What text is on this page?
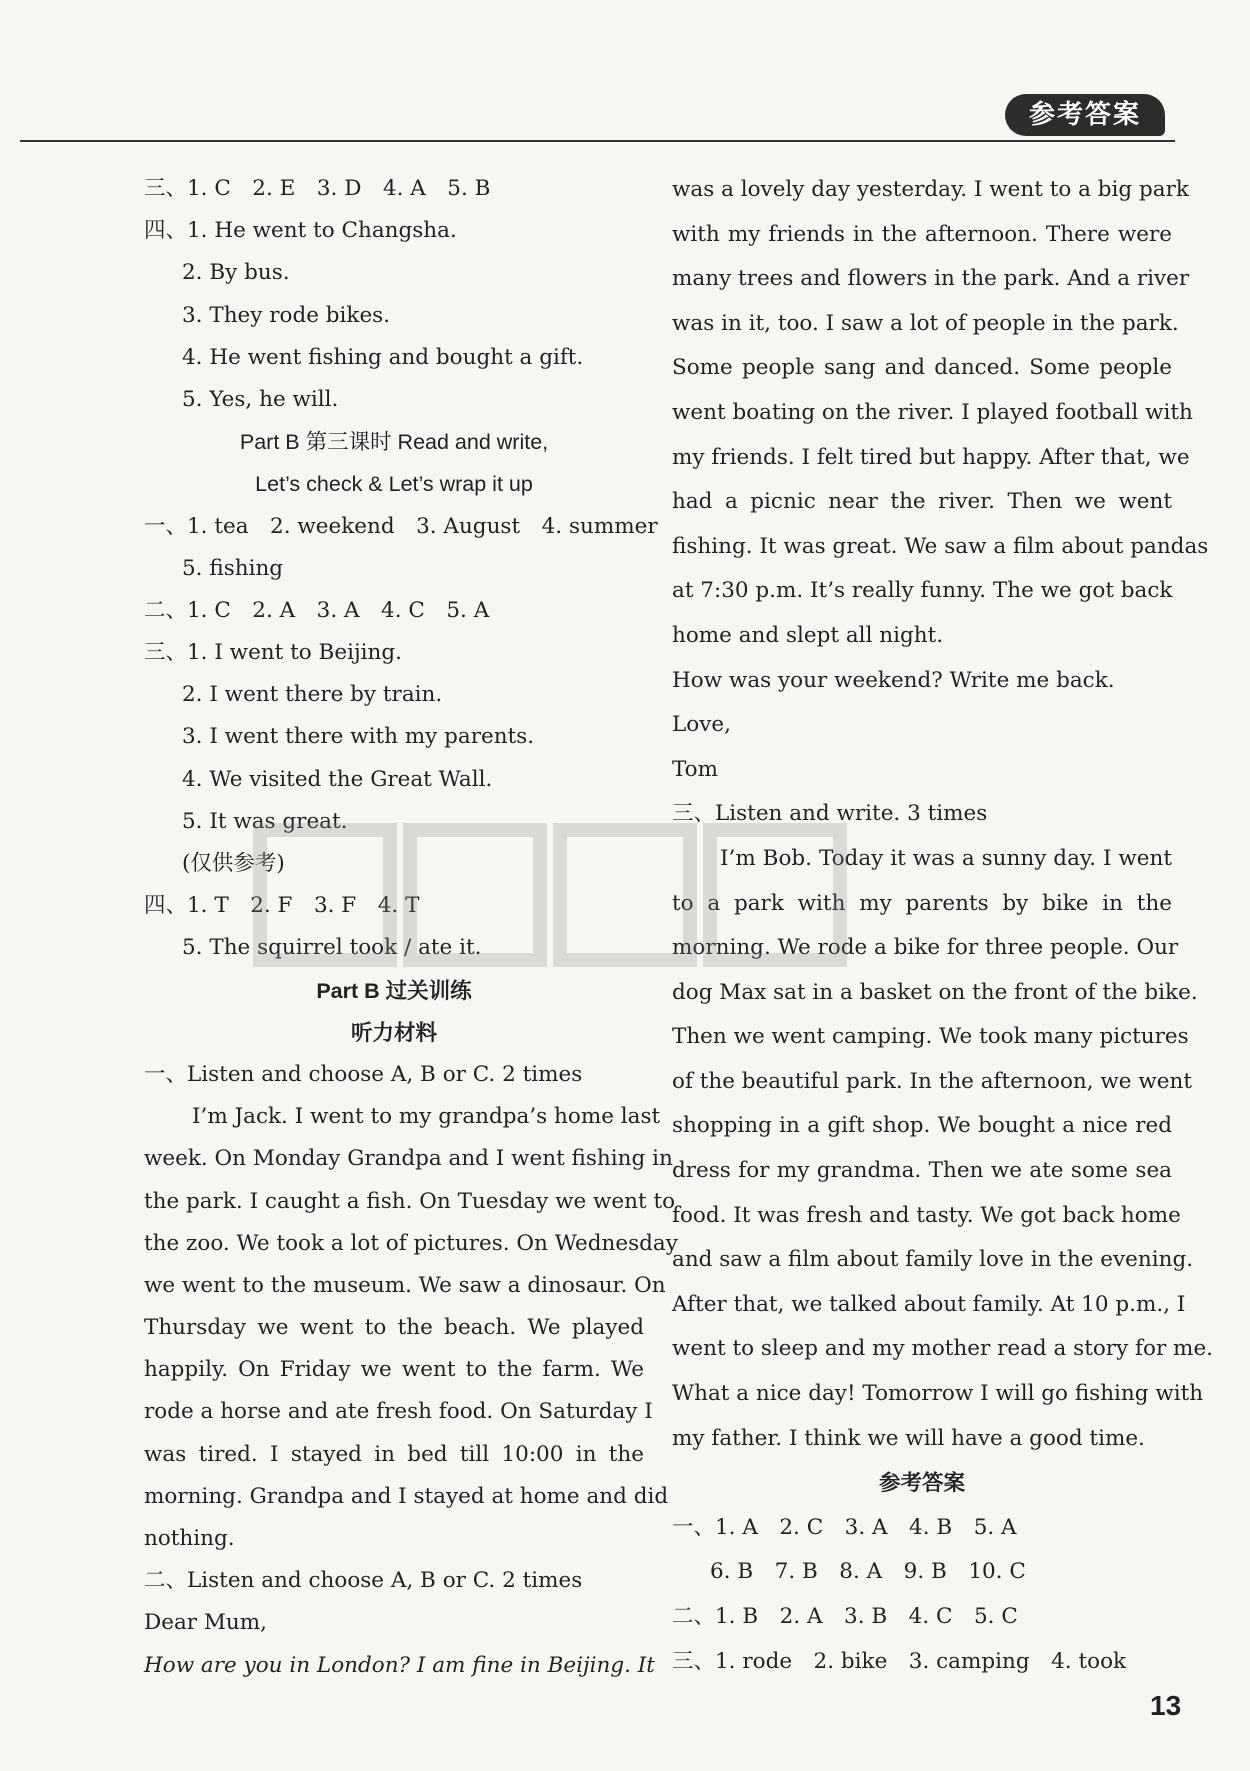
参考答案
三、1. C　2. E　3. D　4. A　5. B
四、1. He went to Changsha.
2. By bus.
3. They rode bikes.
4. He went fishing and bought a gift.
5. Yes, he will.
Part B 第三课时 Read and write,
Let’s check & Let’s wrap it up
一、1. tea　2. weekend　3. August　4. summer
5. fishing
二、1. C　2. A　3. A　4. C　5. A
三、1. I went to Beijing.
2. I went there by train.
3. I went there with my parents.
4. We visited the Great Wall.
5. It was great.
(仅供参考)
四、1. T　2. F　3. F　4. T
5. The squirrel took / ate it.
Part B 过关训练
听力材料
一、Listen and choose A, B or C. 2 times
I’m Jack. I went to my grandpa’s home last
week. On Monday Grandpa and I went fishing in
the park. I caught a fish. On Tuesday we went to
the zoo. We took a lot of pictures. On Wednesday
we went to the museum. We saw a dinosaur. On
Thursday we went to the beach. We played
happily. On Friday we went to the farm. We
rode a horse and ate fresh food. On Saturday I
was tired. I stayed in bed till 10:00 in the
morning. Grandpa and I stayed at home and did
nothing.
二、Listen and choose A, B or C. 2 times
Dear Mum,
How are you in London? I am fine in Beijing. It
was a lovely day yesterday. I went to a big park
with my friends in the afternoon. There were
many trees and flowers in the park. And a river
was in it, too. I saw a lot of people in the park.
Some people sang and danced. Some people
went boating on the river. I played football with
my friends. I felt tired but happy. After that, we
had a picnic near the river. Then we went
fishing. It was great. We saw a film about pandas
at 7:30 p.m. It’s really funny. The we got back
home and slept all night.
How was your weekend? Write me back.
Love,
Tom
三、Listen and write. 3 times
I’m Bob. Today it was a sunny day. I went
to a park with my parents by bike in the
morning. We rode a bike for three people. Our
dog Max sat in a basket on the front of the bike.
Then we went camping. We took many pictures
of the beautiful park. In the afternoon, we went
shopping in a gift shop. We bought a nice red
dress for my grandma. Then we ate some sea
food. It was fresh and tasty. We got back home
and saw a film about family love in the evening.
After that, we talked about family. At 10 p.m., I
went to sleep and my mother read a story for me.
What a nice day! Tomorrow I will go fishing with
my father. I think we will have a good time.
参考答案
一、1. A　2. C　3. A　4. B　5. A
6. B　7. B　8. A　9. B　10. C
二、1. B　2. A　3. B　4. C　5. C
三、1. rode　2. bike　3. camping　4. took
13
